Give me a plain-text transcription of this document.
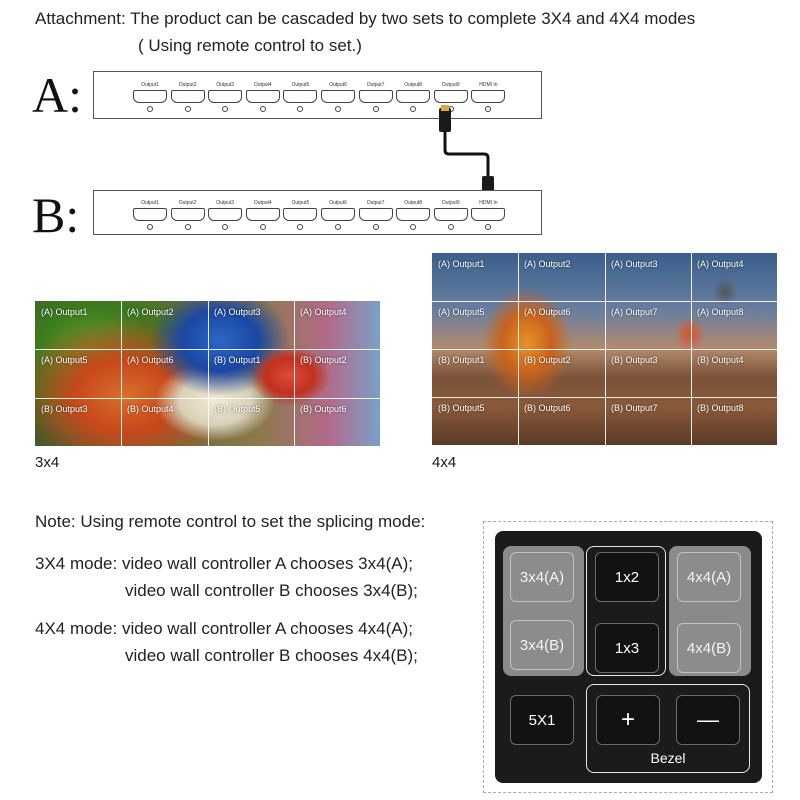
Attachment: The product can be cascaded by two sets to complete 3X4 and 4X4 modes
( Using remote control to set.)
A:	Output1	Output2	Output3	Output4	Output5	Output6	Output7	Output8	Output9	HDMI In
B:	Output1	Output2	Output3	Output4	Output5	Output6	Output7	Output8	Output9	HDMI In
(A) Output1	(A) Output2	(A) Output3	(A) Output4
(A) Output5	(A) Output6	(B) Output1	(B) Output2
(B) Output3	(B) Output4	(B) Output5	(B) Output6
3x4
(A) Output1	(A) Output2	(A) Output3	(A) Output4
(A) Output5	(A) Output6	(A) Output7	(A) Output8
(B) Output1	(B) Output2	(B) Output3	(B) Output4
(B) Output5	(B) Output6	(B) Output7	(B) Output8
4x4
Note: Using remote control to set the splicing mode:
3X4 mode: video wall controller A chooses 3x4(A);
video wall controller B chooses 3x4(B);
4X4 mode: video wall controller A chooses 4x4(A);
video wall controller B chooses 4x4(B);
3x4(A)
3x4(B)
1x2
1x3
4x4(A)
4x4(B)
5X1	+	—
Bezel
